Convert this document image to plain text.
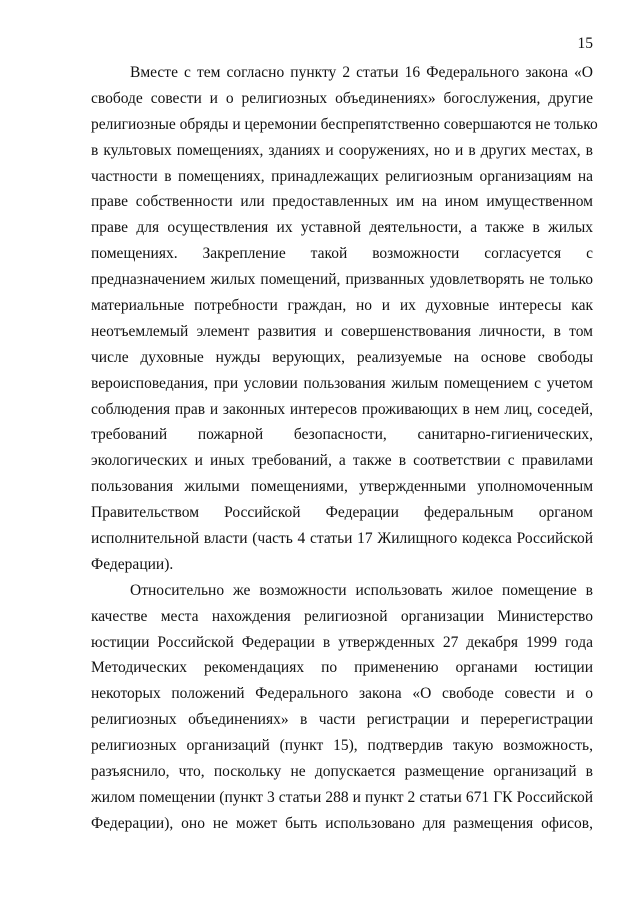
15
Вместе с тем согласно пункту 2 статьи 16 Федерального закона «О
свободе совести и о религиозных объединениях» богослужения, другие
религиозные обряды и церемонии беспрепятственно совершаются не только
в культовых помещениях, зданиях и сооружениях, но и в других местах, в
частности в помещениях, принадлежащих религиозным организациям на
праве собственности или предоставленных им на ином имущественном
праве для осуществления их уставной деятельности, а также в жилых
помещениях. Закрепление такой возможности согласуется с
предназначением жилых помещений, призванных удовлетворять не только
материальные потребности граждан, но и их духовные интересы как
неотъемлемый элемент развития и совершенствования личности, в том
числе духовные нужды верующих, реализуемые на основе свободы
вероисповедания, при условии пользования жилым помещением с учетом
соблюдения прав и законных интересов проживающих в нем лиц, соседей,
требований пожарной безопасности, санитарно-гигиенических,
экологических и иных требований, а также в соответствии с правилами
пользования жилыми помещениями, утвержденными уполномоченным
Правительством Российской Федерации федеральным органом
исполнительной власти (часть 4 статьи 17 Жилищного кодекса Российской
Федерации).
Относительно же возможности использовать жилое помещение в
качестве места нахождения религиозной организации Министерство
юстиции Российской Федерации в утвержденных 27 декабря 1999 года
Методических рекомендациях по применению органами юстиции
некоторых положений Федерального закона «О свободе совести и о
религиозных объединениях» в части регистрации и перерегистрации
религиозных организаций (пункт 15), подтвердив такую возможность,
разъяснило, что, поскольку не допускается размещение организаций в
жилом помещении (пункт 3 статьи 288 и пункт 2 статьи 671 ГК Российской
Федерации), оно не может быть использовано для размещения офисов,
